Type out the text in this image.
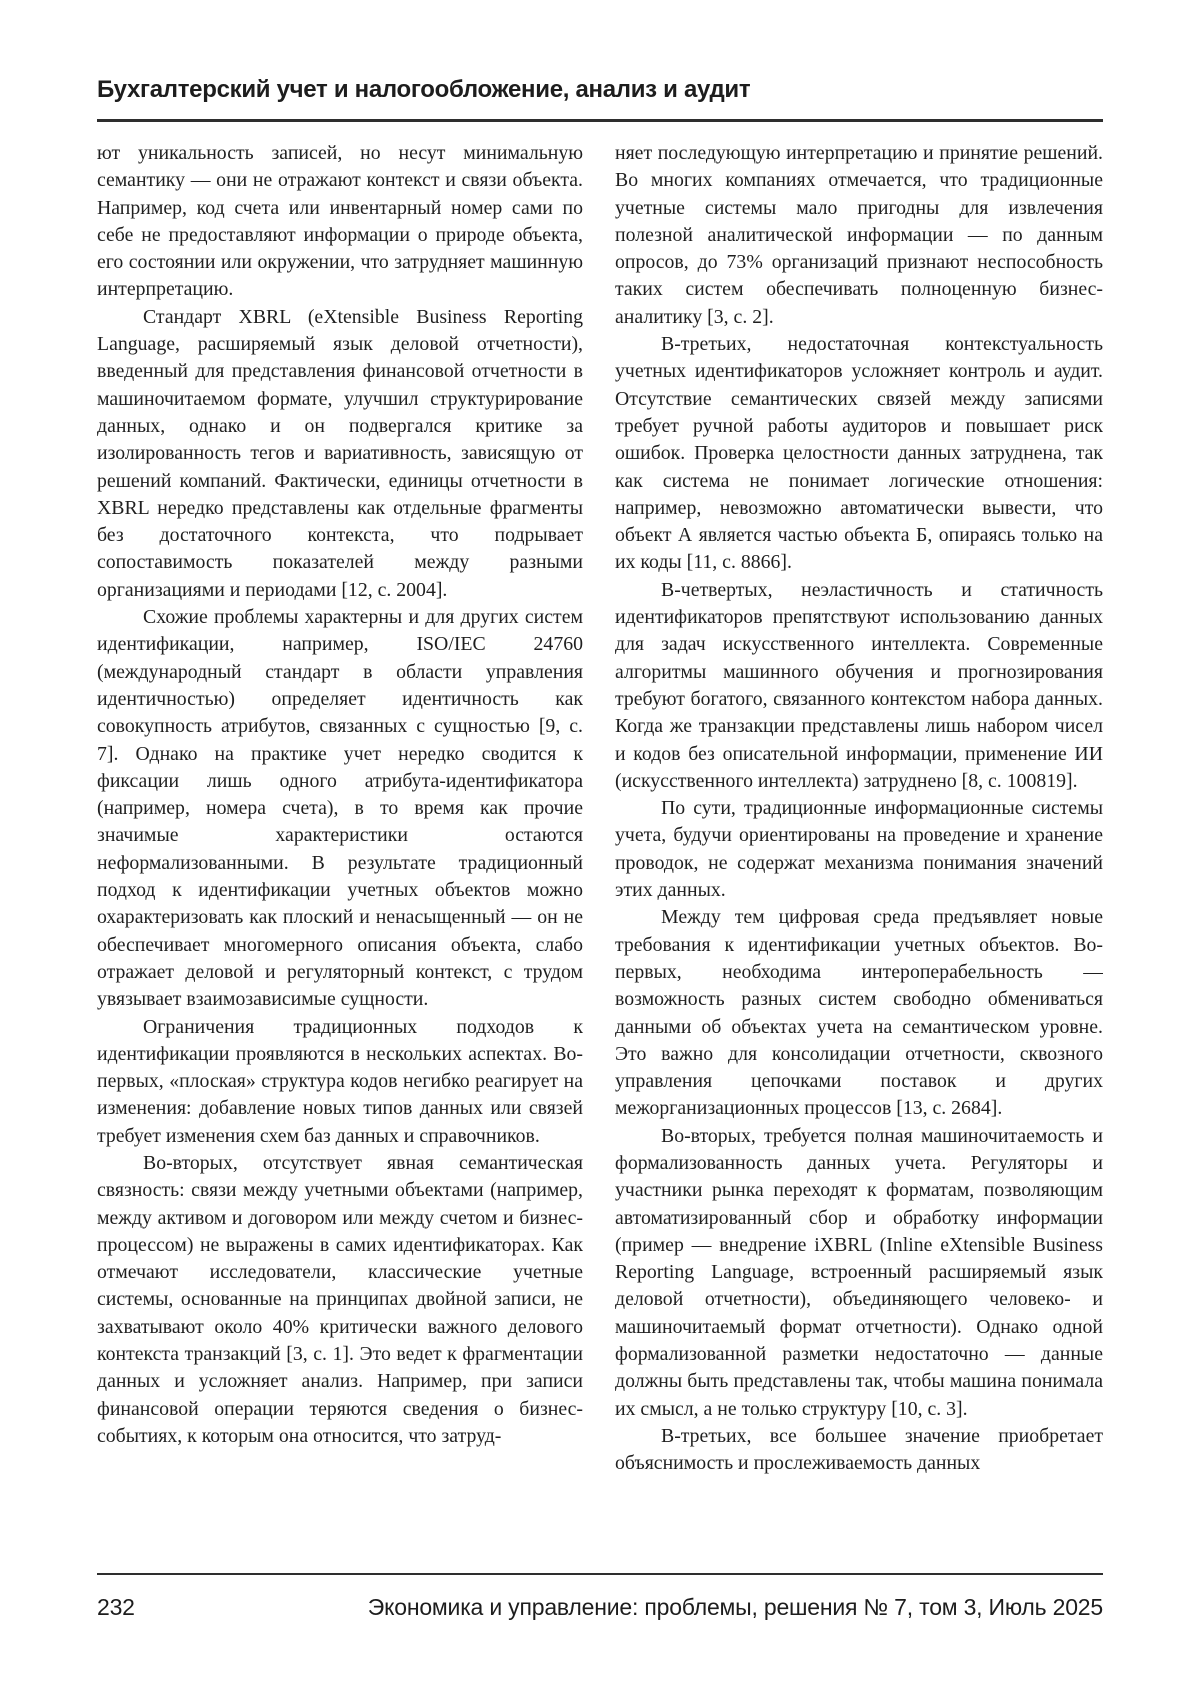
Бухгалтерский учет и налогообложение, анализ и аудит

ют уникальность записей, но несут минимальную семантику — они не отражают контекст и связи объекта. Например, код счета или инвентарный номер сами по себе не предоставляют информации о природе объекта, его состоянии или окружении, что затрудняет машинную интерпретацию.

Стандарт XBRL (eXtensible Business Reporting Language, расширяемый язык деловой отчетности), введенный для представления финансовой отчетности в машиночитаемом формате, улучшил структурирование данных, однако и он подвергался критике за изолированность тегов и вариативность, зависящую от решений компаний. Фактически, единицы отчетности в XBRL нередко представлены как отдельные фрагменты без достаточного контекста, что подрывает сопоставимость показателей между разными организациями и периодами [12, с. 2004].

Схожие проблемы характерны и для других систем идентификации, например, ISO/IEC 24760 (международный стандарт в области управления идентичностью) определяет идентичность как совокупность атрибутов, связанных с сущностью [9, с. 7]. Однако на практике учет нередко сводится к фиксации лишь одного атрибута-идентификатора (например, номера счета), в то время как прочие значимые характеристики остаются неформализованными. В результате традиционный подход к идентификации учетных объектов можно охарактеризовать как плоский и ненасыщенный — он не обеспечивает многомерного описания объекта, слабо отражает деловой и регуляторный контекст, с трудом увязывает взаимозависимые сущности.

Ограничения традиционных подходов к идентификации проявляются в нескольких аспектах. Во-первых, «плоская» структура кодов негибко реагирует на изменения: добавление новых типов данных или связей требует изменения схем баз данных и справочников.

Во-вторых, отсутствует явная семантическая связность: связи между учетными объектами (например, между активом и договором или между счетом и бизнес-процессом) не выражены в самих идентификаторах. Как отмечают исследователи, классические учетные системы, основанные на принципах двойной записи, не захватывают около 40% критически важного делового контекста транзакций [3, с. 1]. Это ведет к фрагментации данных и усложняет анализ. Например, при записи финансовой операции теряются сведения о бизнес-событиях, к которым она относится, что затруд-

няет последующую интерпретацию и принятие решений. Во многих компаниях отмечается, что традиционные учетные системы мало пригодны для извлечения полезной аналитической информации — по данным опросов, до 73% организаций признают неспособность таких систем обеспечивать полноценную бизнес-аналитику [3, с. 2].

В-третьих, недостаточная контекстуальность учетных идентификаторов усложняет контроль и аудит. Отсутствие семантических связей между записями требует ручной работы аудиторов и повышает риск ошибок. Проверка целостности данных затруднена, так как система не понимает логические отношения: например, невозможно автоматически вывести, что объект А является частью объекта Б, опираясь только на их коды [11, с. 8866].

В-четвертых, неэластичность и статичность идентификаторов препятствуют использованию данных для задач искусственного интеллекта. Современные алгоритмы машинного обучения и прогнозирования требуют богатого, связанного контекстом набора данных. Когда же транзакции представлены лишь набором чисел и кодов без описательной информации, применение ИИ (искусственного интеллекта) затруднено [8, с. 100819].

По сути, традиционные информационные системы учета, будучи ориентированы на проведение и хранение проводок, не содержат механизма понимания значений этих данных.

Между тем цифровая среда предъявляет новые требования к идентификации учетных объектов. Во-первых, необходима интероперабельность — возможность разных систем свободно обмениваться данными об объектах учета на семантическом уровне. Это важно для консолидации отчетности, сквозного управления цепочками поставок и других межорганизационных процессов [13, с. 2684].

Во-вторых, требуется полная машиночитаемость и формализованность данных учета. Регуляторы и участники рынка переходят к форматам, позволяющим автоматизированный сбор и обработку информации (пример — внедрение iXBRL (Inline eXtensible Business Reporting Language, встроенный расширяемый язык деловой отчетности), объединяющего человеко- и машиночитаемый формат отчетности). Однако одной формализованной разметки недостаточно — данные должны быть представлены так, чтобы машина понимала их смысл, а не только структуру [10, с. 3].

В-третьих, все большее значение приобретает объяснимость и прослеживаемость данных

232	Экономика и управление: проблемы, решения № 7, том 3, Июль 2025
